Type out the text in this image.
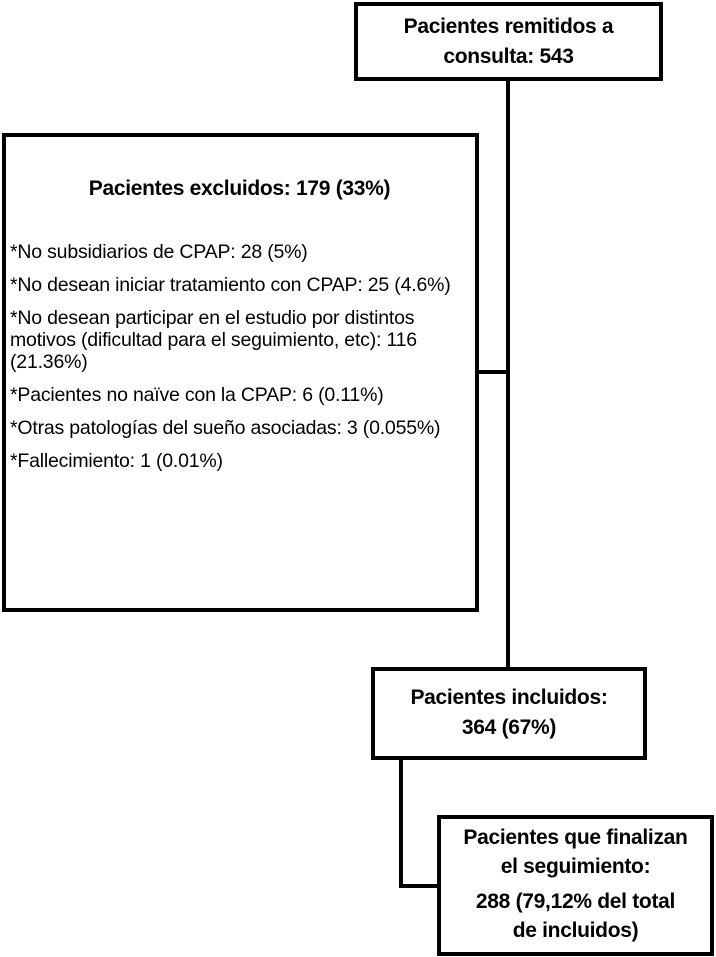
Pacientes remitidos a
consulta: 543
Pacientes excluidos: 179 (33%)
*No subsidiarios de CPAP: 28 (5%)
*No desean iniciar tratamiento con CPAP: 25 (4.6%)
*No desean participar en el estudio por distintos motivos (dificultad para el seguimiento, etc): 116 (21.36%)
*Pacientes no naïve con la CPAP: 6 (0.11%)
*Otras patologías del sueño asociadas: 3 (0.055%)
*Fallecimiento: 1 (0.01%)
Pacientes incluidos:
364 (67%)
Pacientes que finalizan
el seguimiento:
288 (79,12% del total
de incluidos)
